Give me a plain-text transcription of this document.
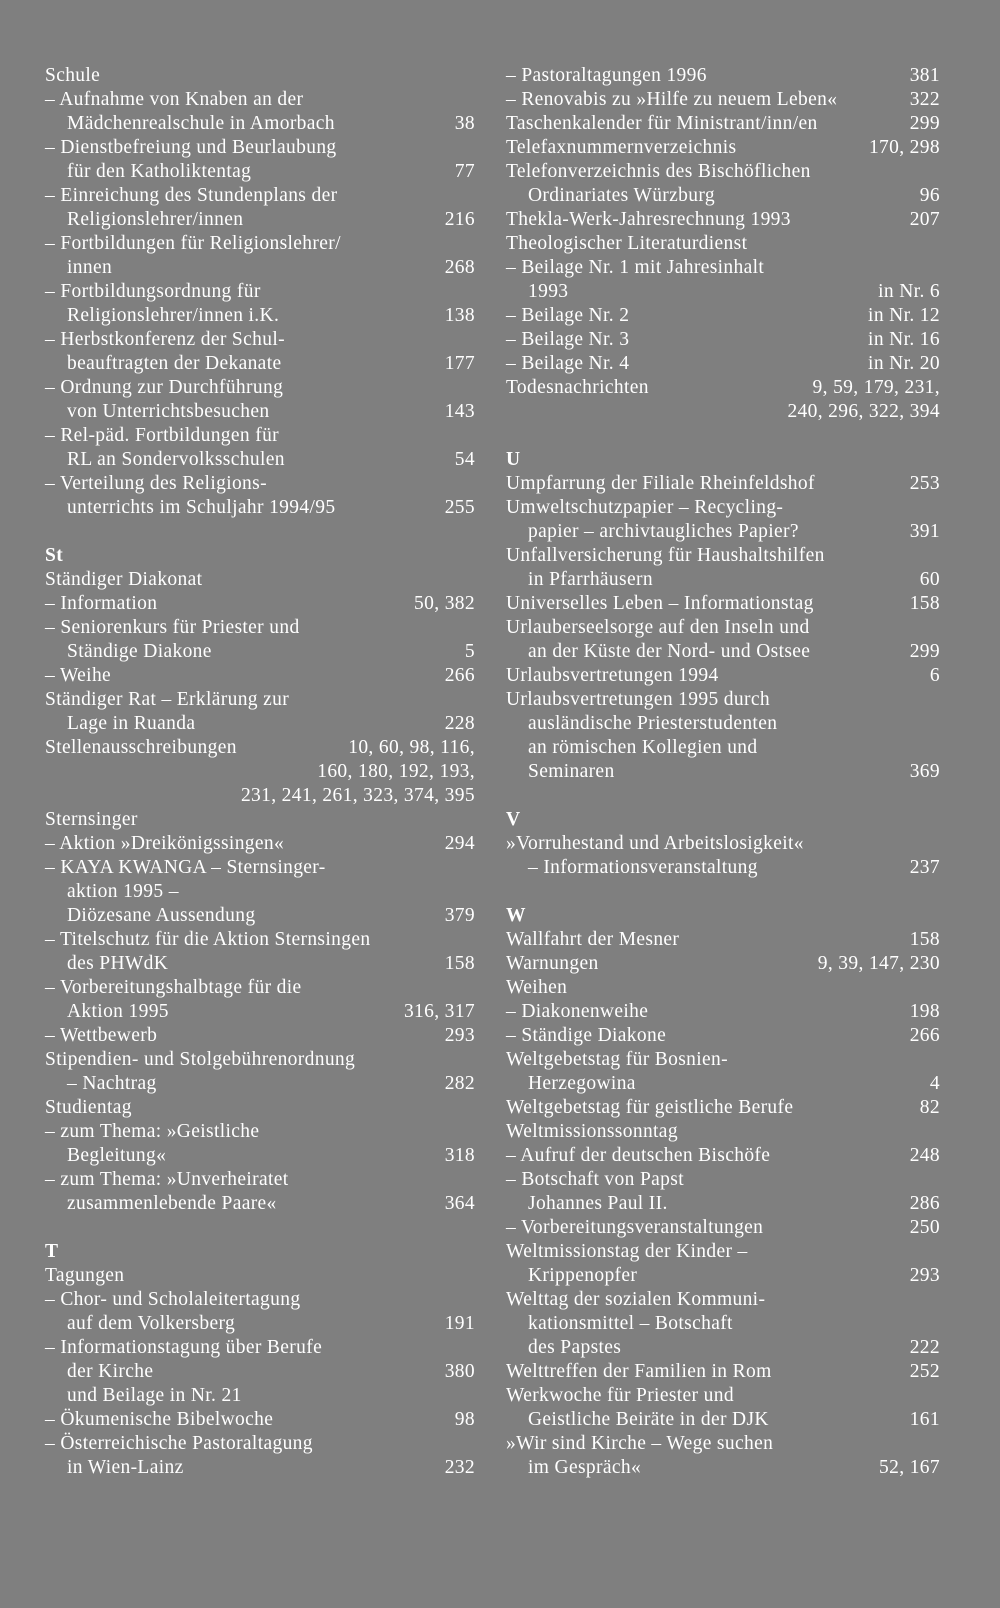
Schule
– Aufnahme von Knaben an der
Mädchenrealschule in Amorbach	38
– Dienstbefreiung und Beurlaubung
für den Katholiktentag	77
– Einreichung des Stundenplans der
Religionslehrer/innen	216
– Fortbildungen für Religionslehrer/
innen	268
– Fortbildungsordnung für
Religionslehrer/innen i.K.	138
– Herbstkonferenz der Schul-
beauftragten der Dekanate	177
– Ordnung zur Durchführung
von Unterrichtsbesuchen	143
– Rel-päd. Fortbildungen für
RL an Sondervolksschulen	54
– Verteilung des Religions-
unterrichts im Schuljahr 1994/95	255
St
Ständiger Diakonat
– Information	50, 382
– Seniorenkurs für Priester und
Ständige Diakone	5
– Weihe	266
Ständiger Rat – Erklärung zur
Lage in Ruanda	228
Stellenausschreibungen	10, 60, 98, 116,
160, 180, 192, 193,
231, 241, 261, 323, 374, 395
Sternsinger
– Aktion »Dreikönigssingen«	294
– KAYA KWANGA – Sternsinger-
aktion 1995 –
Diözesane Aussendung	379
– Titelschutz für die Aktion Sternsingen
des PHWdK	158
– Vorbereitungshalbtage für die
Aktion 1995	316, 317
– Wettbewerb	293
Stipendien- und Stolgebührenordnung
– Nachtrag	282
Studientag
– zum Thema: »Geistliche
Begleitung«	318
– zum Thema: »Unverheiratet
zusammenlebende Paare«	364
T
Tagungen
– Chor- und Scholaleitertagung
auf dem Volkersberg	191
– Informationstagung über Berufe
der Kirche	380
und Beilage in Nr. 21
– Ökumenische Bibelwoche	98
– Österreichische Pastoraltagung
in Wien-Lainz	232
– Pastoraltagungen 1996	381
– Renovabis zu »Hilfe zu neuem Leben«	322
Taschenkalender für Ministrant/inn/en	299
Telefaxnummernverzeichnis	170, 298
Telefonverzeichnis des Bischöflichen
Ordinariates Würzburg	96
Thekla-Werk-Jahresrechnung 1993	207
Theologischer Literaturdienst
– Beilage Nr. 1 mit Jahresinhalt
1993	in Nr. 6
– Beilage Nr. 2	in Nr. 12
– Beilage Nr. 3	in Nr. 16
– Beilage Nr. 4	in Nr. 20
Todesnachrichten	9, 59, 179, 231,
240, 296, 322, 394
U
Umpfarrung der Filiale Rheinfeldshof	253
Umweltschutzpapier – Recycling-
papier – archivtaugliches Papier?	391
Unfallversicherung für Haushaltshilfen
in Pfarrhäusern	60
Universelles Leben – Informationstag	158
Urlauberseelsorge auf den Inseln und
an der Küste der Nord- und Ostsee	299
Urlaubsvertretungen 1994	6
Urlaubsvertretungen 1995 durch
ausländische Priesterstudenten
an römischen Kollegien und
Seminaren	369
V
»Vorruhestand und Arbeitslosigkeit«
– Informationsveranstaltung	237
W
Wallfahrt der Mesner	158
Warnungen	9, 39, 147, 230
Weihen
– Diakonenweihe	198
– Ständige Diakone	266
Weltgebetstag für Bosnien-
Herzegowina	4
Weltgebetstag für geistliche Berufe	82
Weltmissionssonntag
– Aufruf der deutschen Bischöfe	248
– Botschaft von Papst
Johannes Paul II.	286
– Vorbereitungsveranstaltungen	250
Weltmissionstag der Kinder –
Krippenopfer	293
Welttag der sozialen Kommuni-
kationsmittel – Botschaft
des Papstes	222
Welttreffen der Familien in Rom	252
Werkwoche für Priester und
Geistliche Beiräte in der DJK	161
»Wir sind Kirche – Wege suchen
im Gespräch«	52, 167
